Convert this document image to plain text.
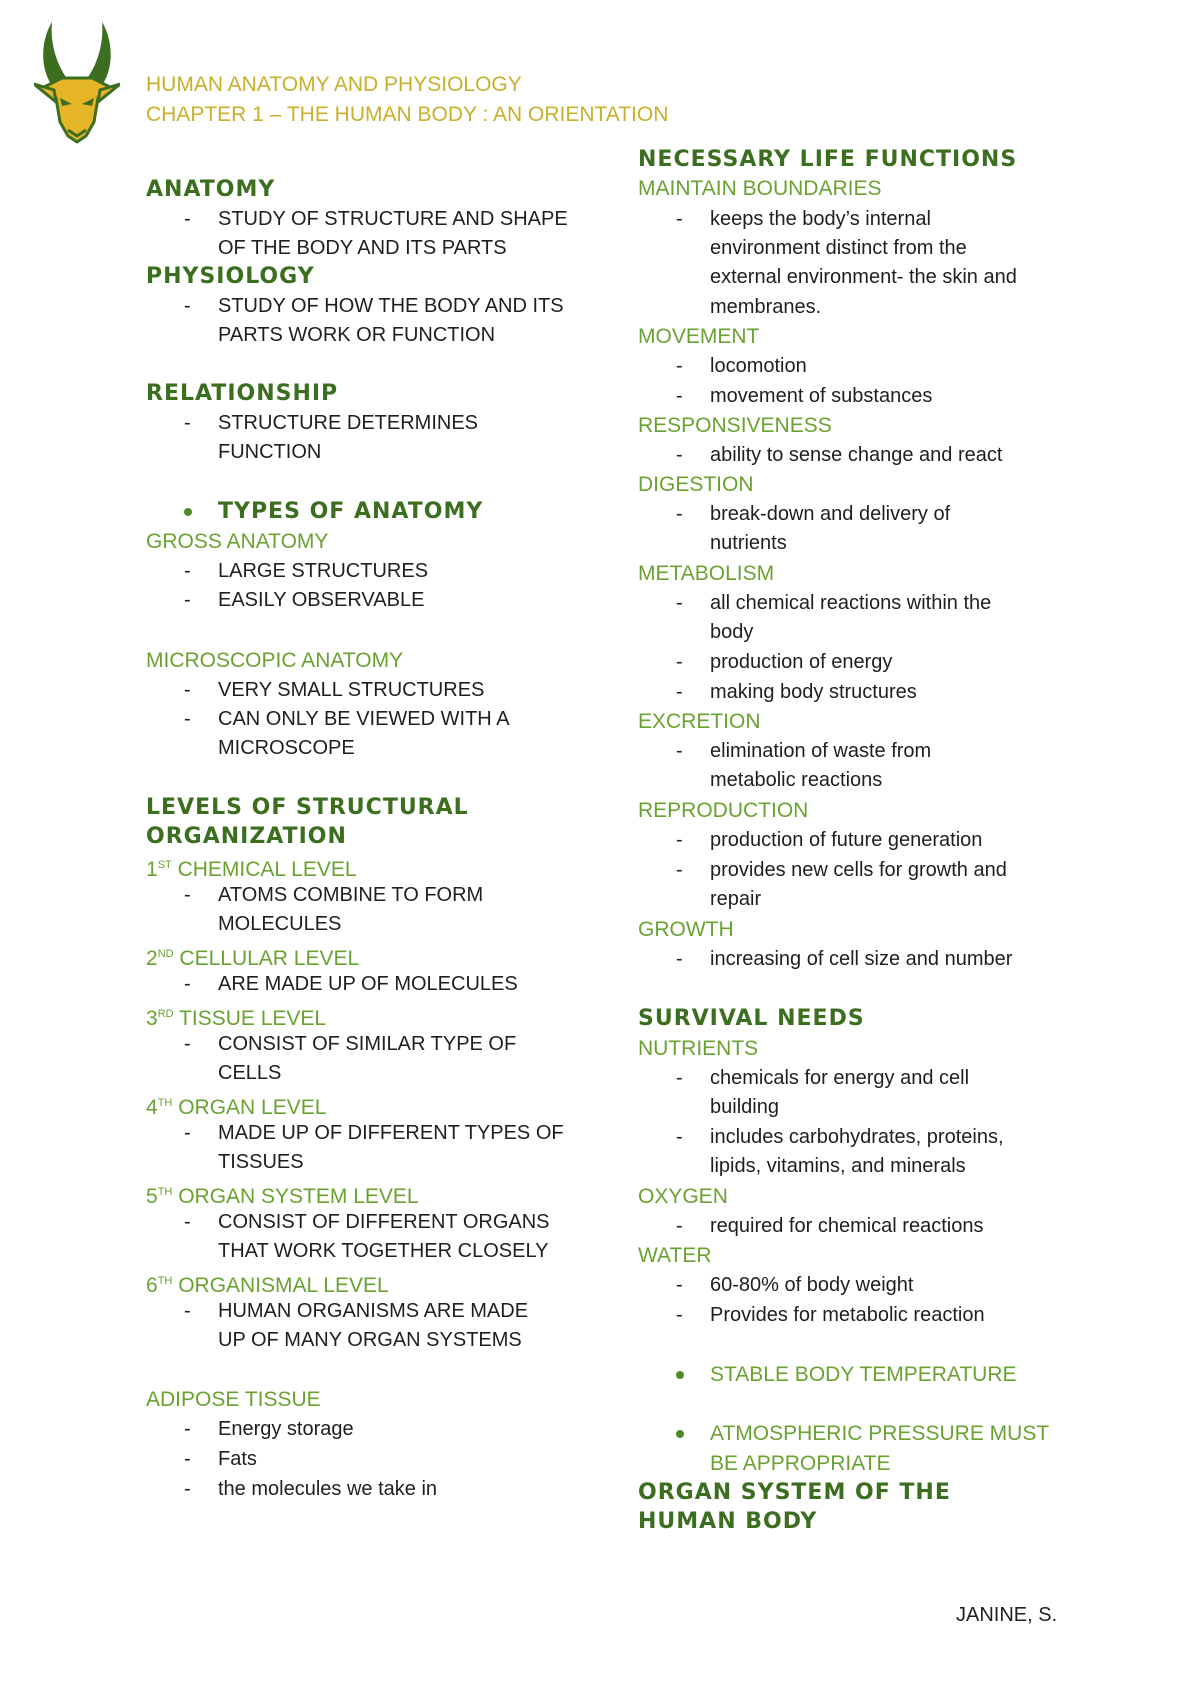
HUMAN ANATOMY AND PHYSIOLOGY
CHAPTER 1 – THE HUMAN BODY : AN ORIENTATION
ANATOMY
- STUDY OF STRUCTURE AND SHAPE
OF THE BODY AND ITS PARTS
PHYSIOLOGY
- STUDY OF HOW THE BODY AND ITS
PARTS WORK OR FUNCTION
RELATIONSHIP
- STRUCTURE DETERMINES
FUNCTION
TYPES OF ANATOMY
GROSS ANATOMY
- LARGE STRUCTURES
- EASILY OBSERVABLE
MICROSCOPIC ANATOMY
- VERY SMALL STRUCTURES
- CAN ONLY BE VIEWED WITH A
MICROSCOPE
LEVELS OF STRUCTURAL
ORGANIZATION
1ST CHEMICAL LEVEL
- ATOMS COMBINE TO FORM
MOLECULES
2ND CELLULAR LEVEL
- ARE MADE UP OF MOLECULES
3RD TISSUE LEVEL
- CONSIST OF SIMILAR TYPE OF
CELLS
4TH ORGAN LEVEL
- MADE UP OF DIFFERENT TYPES OF
TISSUES
5TH ORGAN SYSTEM LEVEL
- CONSIST OF DIFFERENT ORGANS
THAT WORK TOGETHER CLOSELY
6TH ORGANISMAL LEVEL
- HUMAN ORGANISMS ARE MADE
UP OF MANY ORGAN SYSTEMS
ADIPOSE TISSUE
- Energy storage
- Fats
- the molecules we take in
NECESSARY LIFE FUNCTIONS
MAINTAIN BOUNDARIES
- keeps the body’s internal
environment distinct from the
external environment- the skin and
membranes.
MOVEMENT
- locomotion
- movement of substances
RESPONSIVENESS
- ability to sense change and react
DIGESTION
- break-down and delivery of
nutrients
METABOLISM
- all chemical reactions within the
body
- production of energy
- making body structures
EXCRETION
- elimination of waste from
metabolic reactions
REPRODUCTION
- production of future generation
- provides new cells for growth and
repair
GROWTH
- increasing of cell size and number
SURVIVAL NEEDS
NUTRIENTS
- chemicals for energy and cell
building
- includes carbohydrates, proteins,
lipids, vitamins, and minerals
OXYGEN
- required for chemical reactions
WATER
- 60-80% of body weight
- Provides for metabolic reaction
STABLE BODY TEMPERATURE
ATMOSPHERIC PRESSURE MUST
BE APPROPRIATE
ORGAN SYSTEM OF THE
HUMAN BODY
JANINE, S.
